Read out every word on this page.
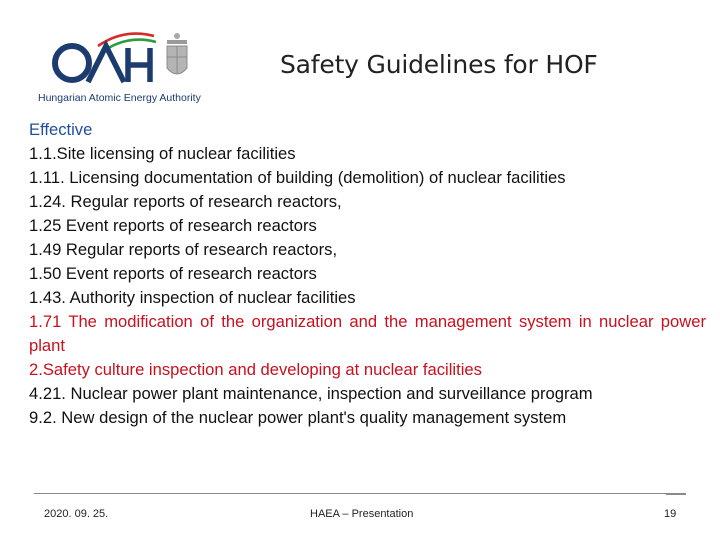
Hungarian Atomic Energy Authority
Safety Guidelines for HOF

Effective

1.1.Site licensing of nuclear facilities

1.11. Licensing documentation of building (demolition) of nuclear facilities

1.24. Regular reports of research reactors,

1.25 Event reports of research reactors

1.49 Regular reports of research reactors,

1.50 Event reports of research reactors

1.43. Authority inspection of nuclear facilities

1.71 The modification of the organization and the management system in nuclear power plant

2.Safety culture inspection and developing at nuclear facilities

4.21. Nuclear power plant maintenance, inspection and surveillance program

9.2. New design of the nuclear power plant's quality management system

2020. 09. 25.	HAEA – Presentation	19
